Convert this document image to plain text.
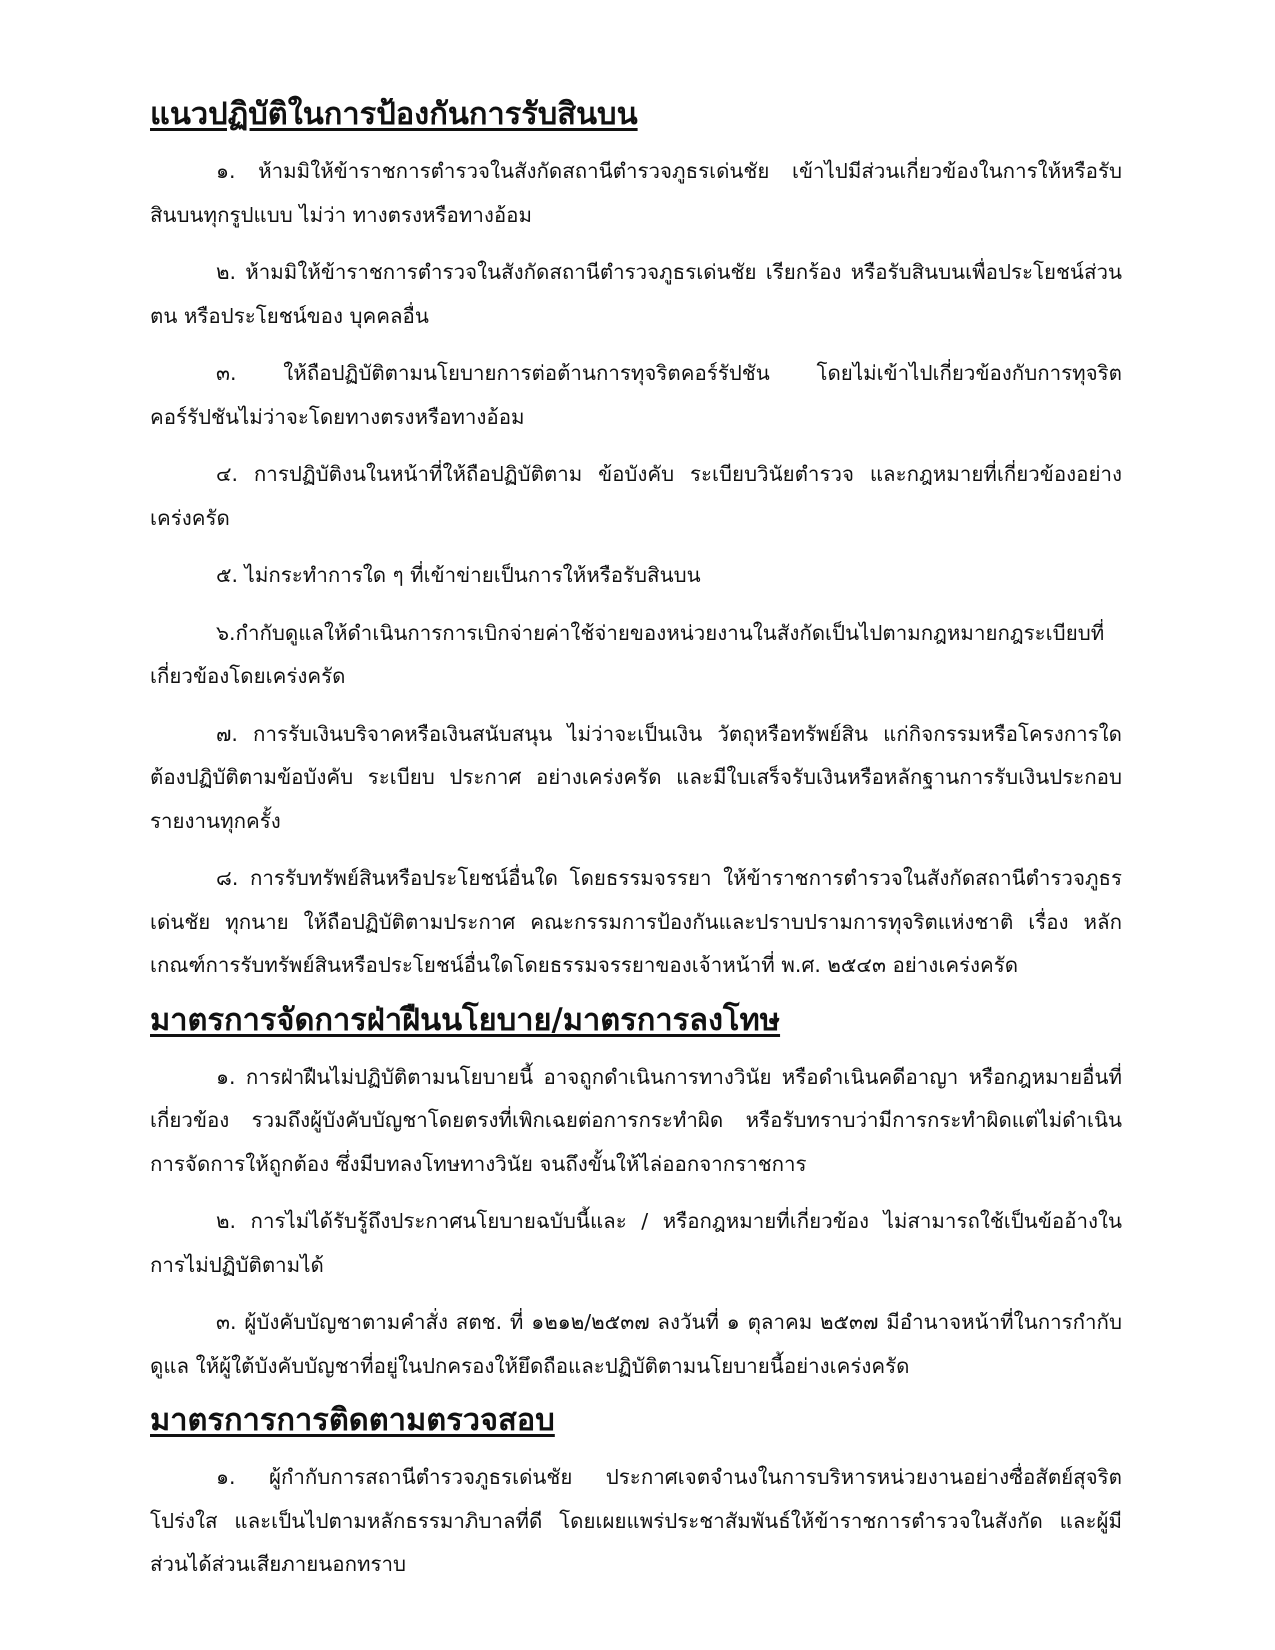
แนวปฏิบัติในการป้องกันการรับสินบน

๑. ห้ามมิให้ข้าราชการตำรวจในสังกัดสถานีตำรวจภูธรเด่นชัย เข้าไปมีส่วนเกี่ยวข้องในการให้หรือรับสินบนทุกรูปแบบ ไม่ว่า ทางตรงหรือทางอ้อม

๒. ห้ามมิให้ข้าราชการตำรวจในสังกัดสถานีตำรวจภูธรเด่นชัย เรียกร้อง หรือรับสินบนเพื่อประโยชน์ส่วนตน หรือประโยชน์ของ บุคคลอื่น

๓. ให้ถือปฏิบัติตามนโยบายการต่อต้านการทุจริตคอร์รัปชัน โดยไม่เข้าไปเกี่ยวข้องกับการทุจริต คอร์รัปชันไม่ว่าจะโดยทางตรงหรือทางอ้อม

๔. การปฏิบัติงนในหน้าที่ให้ถือปฏิบัติตาม ข้อบังคับ ระเบียบวินัยตำรวจ และกฎหมายที่เกี่ยวข้องอย่างเคร่งครัด

๕. ไม่กระทำการใด ๆ ที่เข้าข่ายเป็นการให้หรือรับสินบน

๖.กำกับดูแลให้ดำเนินการการเบิกจ่ายค่าใช้จ่ายของหน่วยงานในสังกัดเป็นไปตามกฎหมายกฎระเบียบที่เกี่ยวข้องโดยเคร่งครัด

๗. การรับเงินบริจาคหรือเงินสนับสนุน ไม่ว่าจะเป็นเงิน วัตถุหรือทรัพย์สิน แก่กิจกรรมหรือโครงการใดต้องปฏิบัติตามข้อบังคับ ระเบียบ ประกาศ อย่างเคร่งครัด และมีใบเสร็จรับเงินหรือหลักฐานการรับเงินประกอบรายงานทุกครั้ง

๘. การรับทรัพย์สินหรือประโยชน์อื่นใด โดยธรรมจรรยา ให้ข้าราชการตำรวจในสังกัดสถานีตำรวจภูธรเด่นชัย ทุกนาย ให้ถือปฏิบัติตามประกาศ คณะกรรมการป้องกันและปราบปรามการทุจริตแห่งชาติ เรื่อง หลักเกณฑ์การรับทรัพย์สินหรือประโยชน์อื่นใดโดยธรรมจรรยาของเจ้าหน้าที่ พ.ศ. ๒๕๔๓ อย่างเคร่งครัด

มาตรการจัดการฝ่าฝืนนโยบาย/มาตรการลงโทษ

๑. การฝ่าฝืนไม่ปฏิบัติตามนโยบายนี้ อาจถูกดำเนินการทางวินัย หรือดำเนินคดีอาญา หรือกฎหมายอื่นที่เกี่ยวข้อง รวมถึงผู้บังคับบัญชาโดยตรงที่เพิกเฉยต่อการกระทำผิด หรือรับทราบว่ามีการกระทำผิดแต่ไม่ดำเนินการจัดการให้ถูกต้อง ซึ่งมีบทลงโทษทางวินัย จนถึงขั้นให้ไล่ออกจากราชการ

๒. การไม่ได้รับรู้ถึงประกาศนโยบายฉบับนี้และ / หรือกฎหมายที่เกี่ยวข้อง ไม่สามารถใช้เป็นข้ออ้างในการไม่ปฏิบัติตามได้

๓. ผู้บังคับบัญชาตามคำสั่ง สตช. ที่ ๑๒๑๒/๒๕๓๗ ลงวันที่ ๑ ตุลาคม ๒๕๓๗ มีอำนาจหน้าที่ในการกำกับ ดูแล ให้ผู้ใต้บังคับบัญชาที่อยู่ในปกครองให้ยึดถือและปฏิบัติตามนโยบายนี้อย่างเคร่งครัด

มาตรการการติดตามตรวจสอบ

๑. ผู้กำกับการสถานีตำรวจภูธรเด่นชัย ประกาศเจตจำนงในการบริหารหน่วยงานอย่างซื่อสัตย์สุจริตโปร่งใส และเป็นไปตามหลักธรรมาภิบาลที่ดี โดยเผยแพร่ประชาสัมพันธ์ให้ข้าราชการตำรวจในสังกัด และผู้มีส่วนได้ส่วนเสียภายนอกทราบ
